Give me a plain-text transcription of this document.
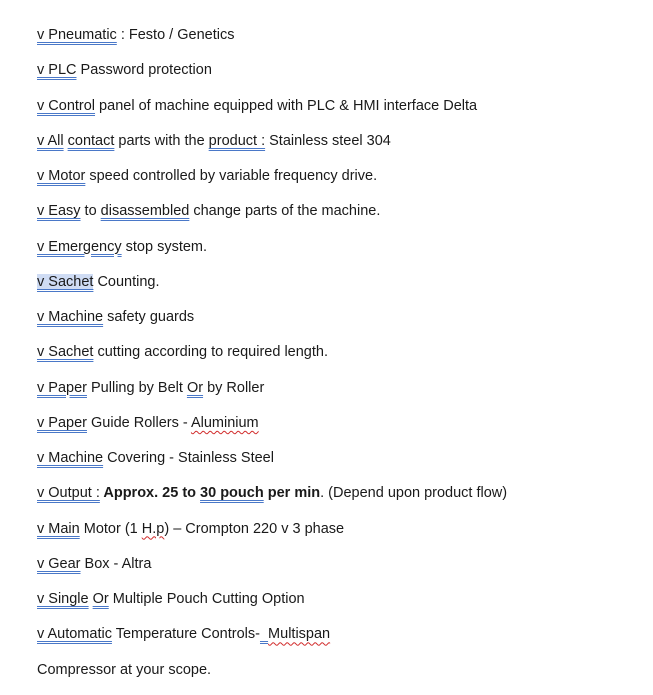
v Pneumatic : Festo / Genetics
v PLC Password protection
v Control panel of machine equipped with PLC & HMI interface Delta
v All contact parts with the product : Stainless steel 304
v Motor speed controlled by variable frequency drive.
v Easy to disassembled change parts of the machine.
v Emergency stop system.
v Sachet Counting.
v Machine safety guards
v Sachet cutting according to required length.
v Paper Pulling by Belt Or by Roller
v Paper Guide Rollers - Aluminium
v Machine Covering - Stainless Steel
v Output : Approx. 25 to 30 pouch per min. (Depend upon product flow)
v Main Motor (1 H.p) – Crompton 220 v 3 phase
v Gear Box - Altra
v Single Or Multiple Pouch Cutting Option
v Automatic Temperature Controls- Multispan
Compressor at your scope.
